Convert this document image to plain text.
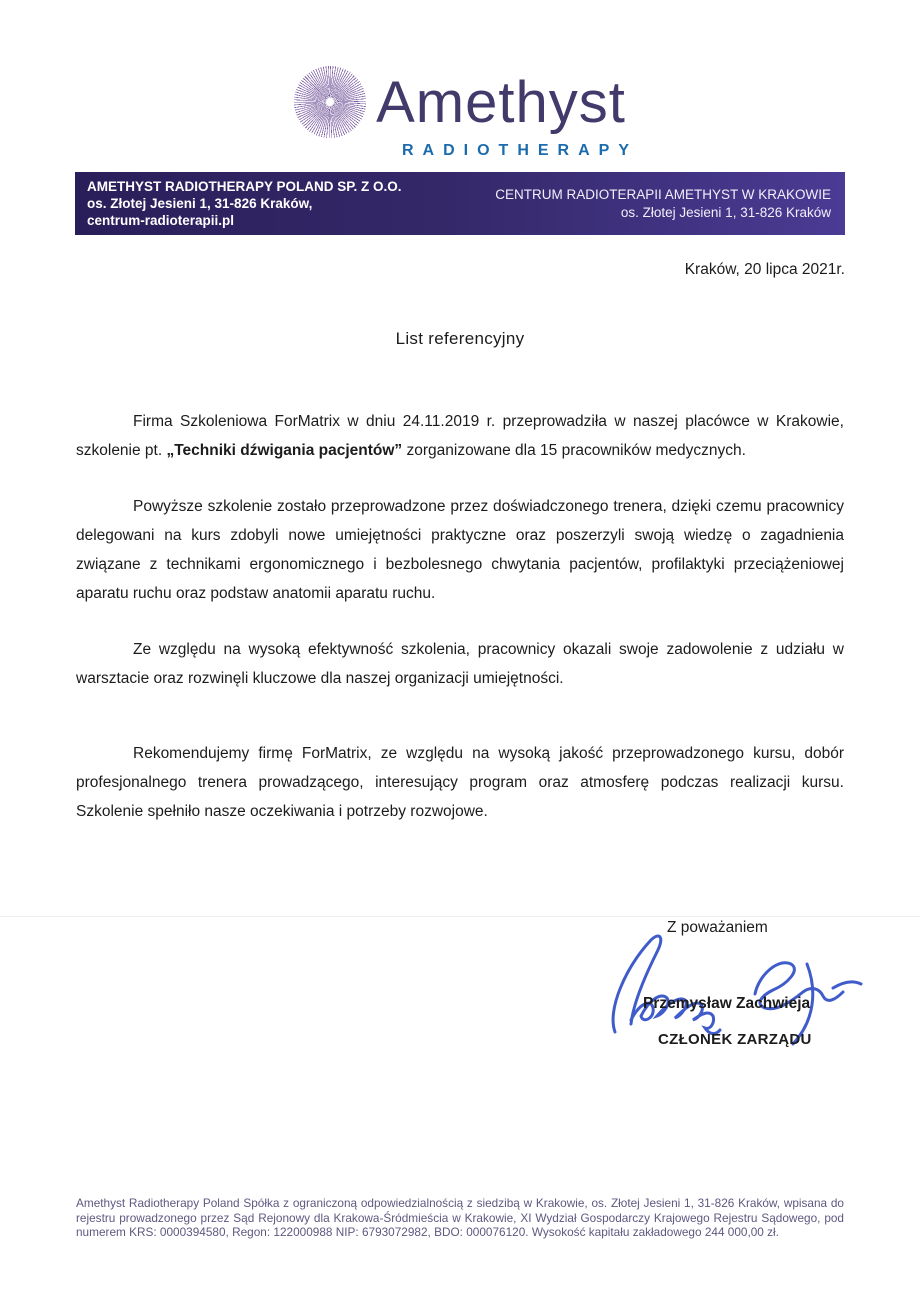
Amethyst
RADIOTHERAPY
AMETHYST RADIOTHERAPY POLAND SP. Z O.O.
os. Złotej Jesieni 1, 31-826 Kraków,
centrum-radioterapii.pl
CENTRUM RADIOTERAPII AMETHYST W KRAKOWIE
os. Złotej Jesieni 1, 31-826 Kraków
Kraków, 20 lipca 2021r.
List referencyjny

Firma Szkoleniowa ForMatrix w dniu 24.11.2019 r. przeprowadziła w naszej placówce w Krakowie, szkolenie pt. „Techniki dźwigania pacjentów” zorganizowane dla 15 pracowników medycznych.

Powyższe szkolenie zostało przeprowadzone przez doświadczonego trenera, dzięki czemu pracownicy delegowani na kurs zdobyli nowe umiejętności praktyczne oraz poszerzyli swoją wiedzę o zagadnienia związane z technikami ergonomicznego i bezbolesnego chwytania pacjentów, profilaktyki przeciążeniowej aparatu ruchu oraz podstaw anatomii aparatu ruchu.

Ze względu na wysoką efektywność szkolenia, pracownicy okazali swoje zadowolenie z udziału w warsztacie oraz rozwinęli kluczowe dla naszej organizacji umiejętności.

Rekomendujemy firmę ForMatrix, ze względu na wysoką jakość przeprowadzonego kursu, dobór profesjonalnego trenera prowadzącego, interesujący program oraz atmosferę podczas realizacji kursu. Szkolenie spełniło nasze oczekiwania i potrzeby rozwojowe.

Z poważaniem
Przemysław Zachwieja
CZŁONEK ZARZĄDU
Amethyst Radiotherapy Poland Spółka z ograniczoną odpowiedzialnością z siedzibą w Krakowie, os. Złotej Jesieni 1, 31-826 Kraków, wpisana do rejestru prowadzonego przez Sąd Rejonowy dla Krakowa-Śródmieścia w Krakowie, XI Wydział Gospodarczy Krajowego Rejestru Sądowego, pod numerem KRS: 0000394580, Regon: 122000988 NIP: 6793072982, BDO: 000076120. Wysokość kapitału zakładowego 244 000,00 zł.
